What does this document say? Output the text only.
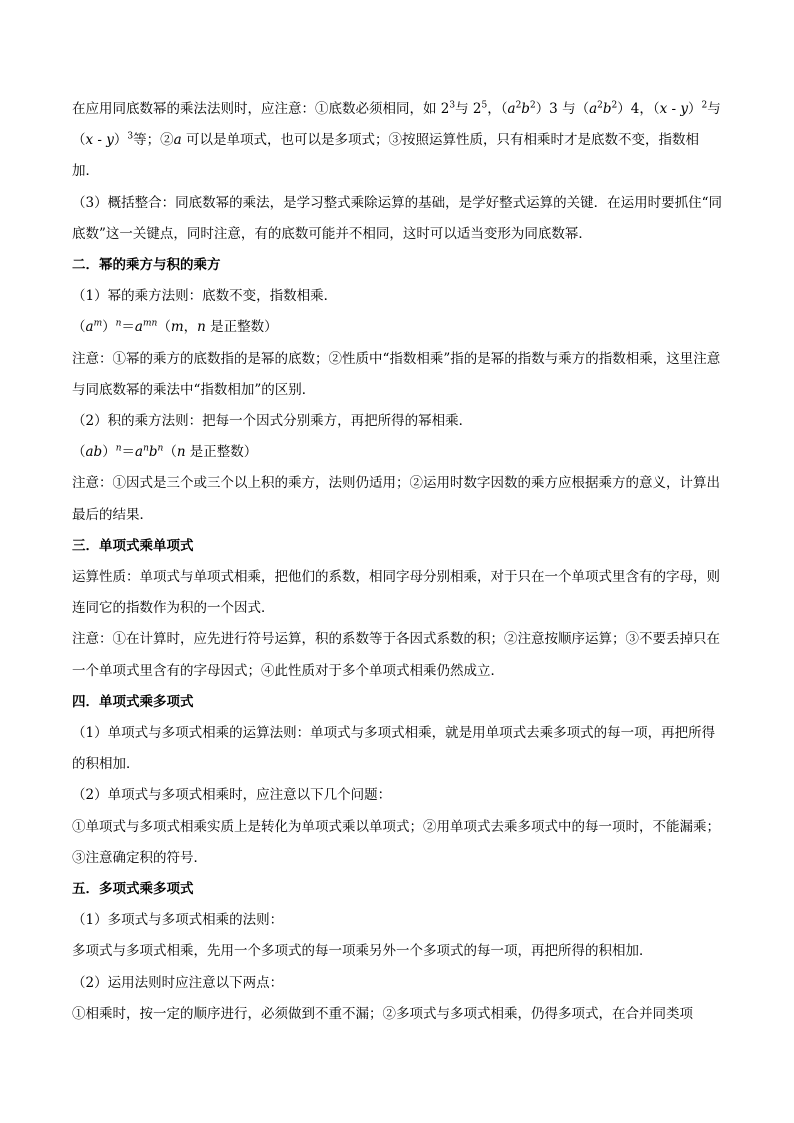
在应用同底数幂的乘法法则时，应注意：①底数必须相同，如 $2^3$与 $2^5$，$(a^2b^2)3$ 与$(a^2b^2)4$，（x - y）$^2$与（x - y）$^3$等；②a 可以是单项式，也可以是多项式；③按照运算性质，只有相乘时才是底数不变，指数相加．

（3）概括整合：同底数幂的乘法，是学习整式乘除运算的基础，是学好整式运算的关键．在运用时要抓住“同底数”这一关键点，同时注意，有的底数可能并不相同，这时可以适当变形为同底数幂．

二．幂的乘方与积的乘方

（1）幂的乘方法则：底数不变，指数相乘．

$(a^m)^n=a^{mn}(m$，n 是正整数）

注意：①幂的乘方的底数指的是幂的底数；②性质中“指数相乘”指的是幂的指数与乘方的指数相乘，这里注意与同底数幂的乘法中“指数相加”的区别．

（2）积的乘方法则：把每一个因式分别乘方，再把所得的幂相乘．

$(ab)^n=a^nb^n(n$ 是正整数）

注意：①因式是三个或三个以上积的乘方，法则仍适用；②运用时数字因数的乘方应根据乘方的意义，计算出最后的结果．

三．单项式乘单项式

运算性质：单项式与单项式相乘，把他们的系数，相同字母分别相乘，对于只在一个单项式里含有的字母，则连同它的指数作为积的一个因式．

注意：①在计算时，应先进行符号运算，积的系数等于各因式系数的积；②注意按顺序运算；③不要丢掉只在一个单项式里含有的字母因式；④此性质对于多个单项式相乘仍然成立．

四．单项式乘多项式

（1）单项式与多项式相乘的运算法则：单项式与多项式相乘，就是用单项式去乘多项式的每一项，再把所得的积相加．

（2）单项式与多项式相乘时，应注意以下几个问题：

①单项式与多项式相乘实质上是转化为单项式乘以单项式；②用单项式去乘多项式中的每一项时，不能漏乘；③注意确定积的符号．

五．多项式乘多项式

（1）多项式与多项式相乘的法则：

多项式与多项式相乘，先用一个多项式的每一项乘另外一个多项式的每一项，再把所得的积相加．

（2）运用法则时应注意以下两点：

①相乘时，按一定的顺序进行，必须做到不重不漏；②多项式与多项式相乘，仍得多项式，在合并同类项
